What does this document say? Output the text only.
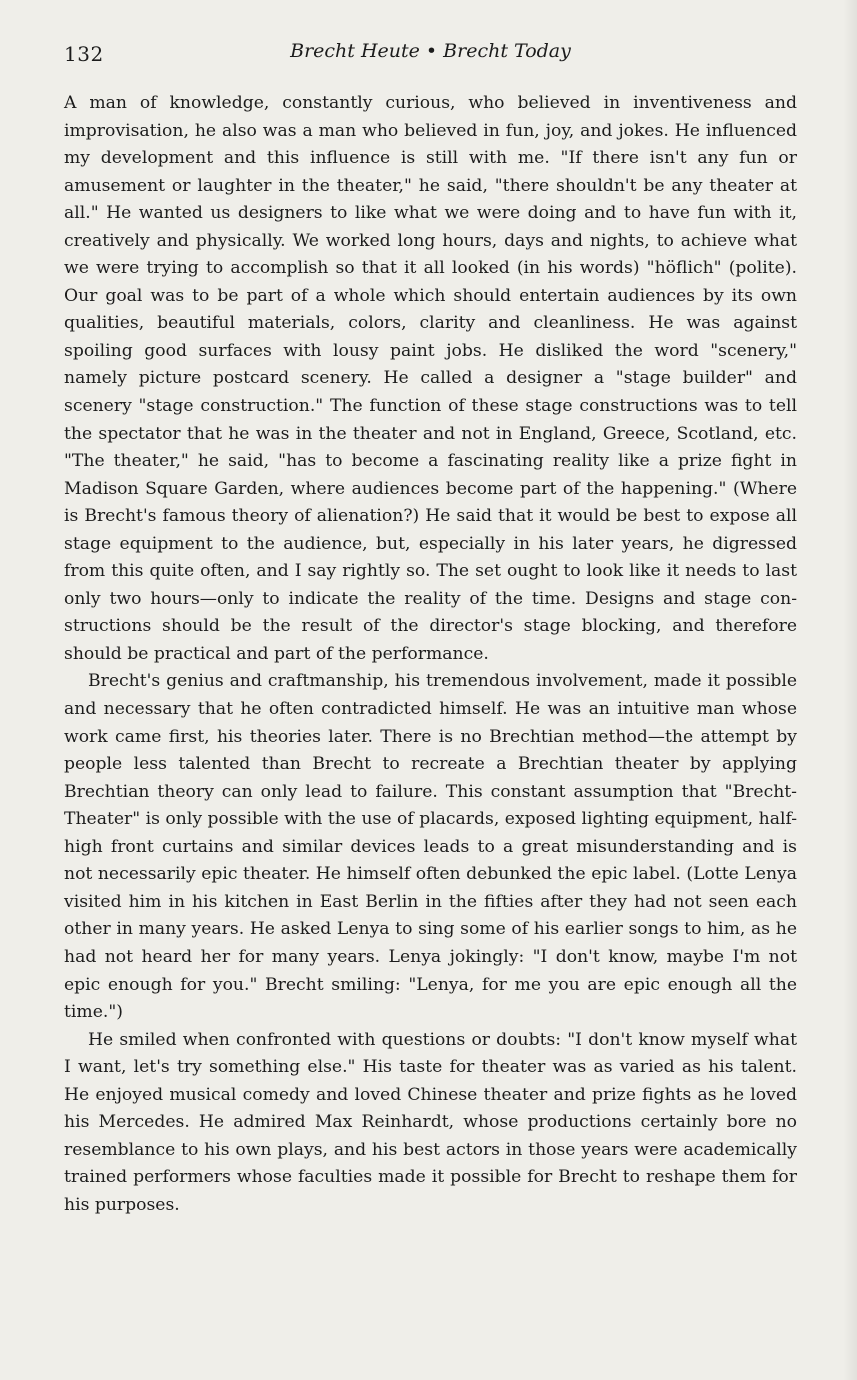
132	Brecht Heute • Brecht Today

A man of knowledge, constantly curious, who believed in inventiveness and improvisation, he also was a man who believed in fun, joy, and jokes. He influenced my development and this influence is still with me. "If there isn't any fun or amusement or laughter in the theater," he said, "there shouldn't be any theater at all." He wanted us designers to like what we were doing and to have fun with it, creatively and physically. We worked long hours, days and nights, to achieve what we were trying to accomplish so that it all looked (in his words) "höflich" (polite). Our goal was to be part of a whole which should entertain audiences by its own qualities, beautiful materials, colors, clarity and cleanliness. He was against spoiling good surfaces with lousy paint jobs. He disliked the word "scenery," namely picture postcard scenery. He called a designer a "stage builder" and scenery "stage construction." The function of these stage constructions was to tell the spectator that he was in the theater and not in England, Greece, Scotland, etc. "The theater," he said, "has to become a fascinating reality like a prize fight in Madison Square Garden, where audiences become part of the happening." (Where is Brecht's famous theory of alienation?) He said that it would be best to expose all stage equipment to the audience, but, especially in his later years, he digressed from this quite often, and I say rightly so. The set ought to look like it needs to last only two hours—only to indicate the reality of the time. Designs and stage constructions should be the result of the director's stage blocking, and therefore should be practical and part of the performance.

Brecht's genius and craftmanship, his tremendous involvement, made it possible and necessary that he often contradicted himself. He was an intuitive man whose work came first, his theories later. There is no Brechtian method—the attempt by people less talented than Brecht to recreate a Brechtian theater by applying Brechtian theory can only lead to failure. This constant assumption that "Brecht-Theater" is only possible with the use of placards, exposed lighting equipment, half-high front curtains and similar devices leads to a great misunderstanding and is not necessarily epic theater. He himself often debunked the epic label. (Lotte Lenya visited him in his kitchen in East Berlin in the fifties after they had not seen each other in many years. He asked Lenya to sing some of his earlier songs to him, as he had not heard her for many years. Lenya jokingly: "I don't know, maybe I'm not epic enough for you." Brecht smiling: "Lenya, for me you are epic enough all the time.")

He smiled when confronted with questions or doubts: "I don't know myself what I want, let's try something else." His taste for theater was as varied as his talent. He enjoyed musical comedy and loved Chinese theater and prize fights as he loved his Mercedes. He admired Max Reinhardt, whose productions certainly bore no resemblance to his own plays, and his best actors in those years were academically trained performers whose faculties made it possible for Brecht to reshape them for his purposes.
